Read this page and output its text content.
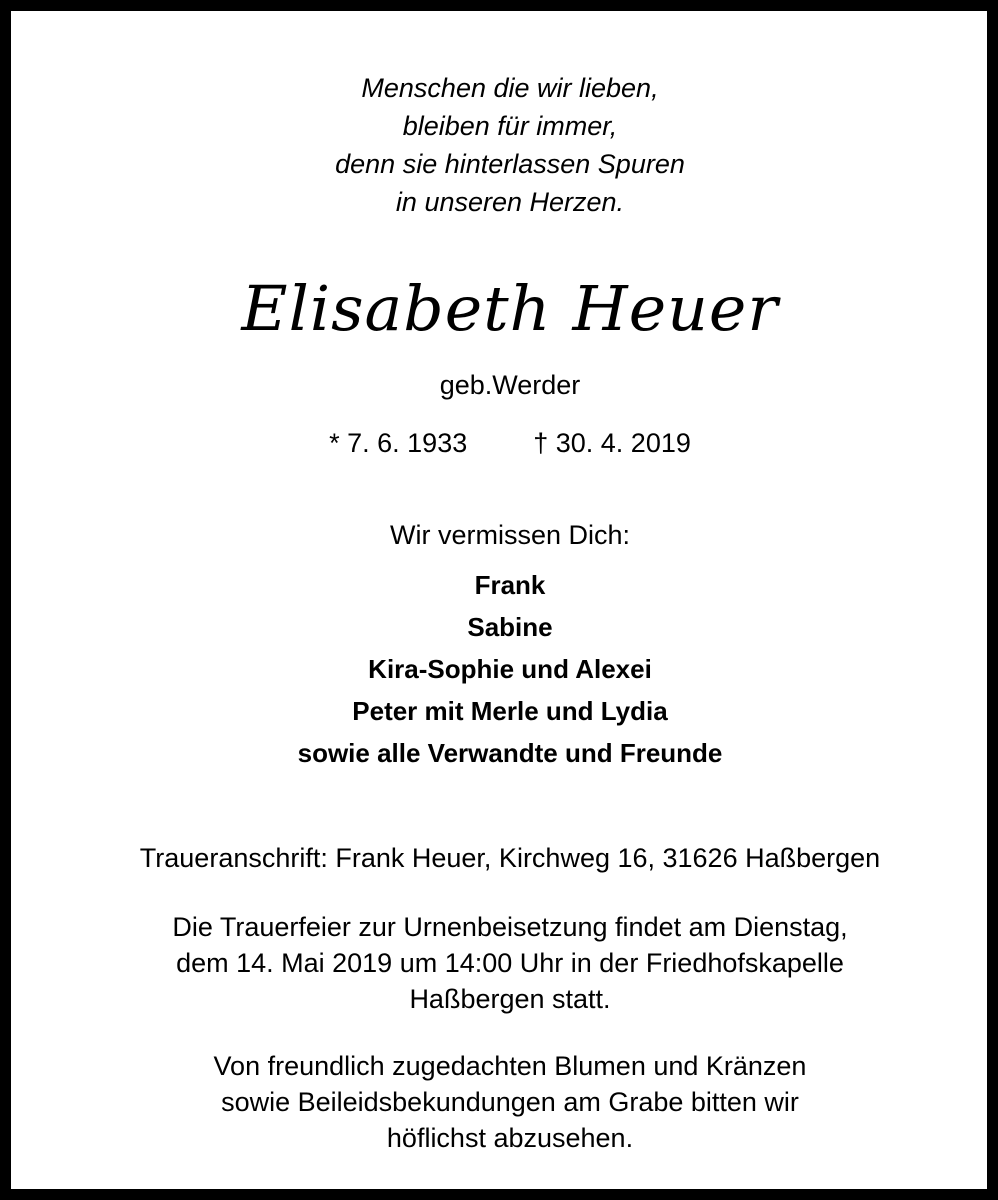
Menschen die wir lieben,
bleiben für immer,
denn sie hinterlassen Spuren
in unseren Herzen.
Elisabeth Heuer
geb.Werder
* 7. 6. 1933 † 30. 4. 2019
Wir vermissen Dich:
Frank
Sabine
Kira-Sophie und Alexei
Peter mit Merle und Lydia
sowie alle Verwandte und Freunde
Traueranschrift: Frank Heuer, Kirchweg 16, 31626 Haßbergen
Die Trauerfeier zur Urnenbeisetzung findet am Dienstag,
dem 14. Mai 2019 um 14:00 Uhr in der Friedhofskapelle
Haßbergen statt.
Von freundlich zugedachten Blumen und Kränzen
sowie Beileidsbekundungen am Grabe bitten wir
höflichst abzusehen.
